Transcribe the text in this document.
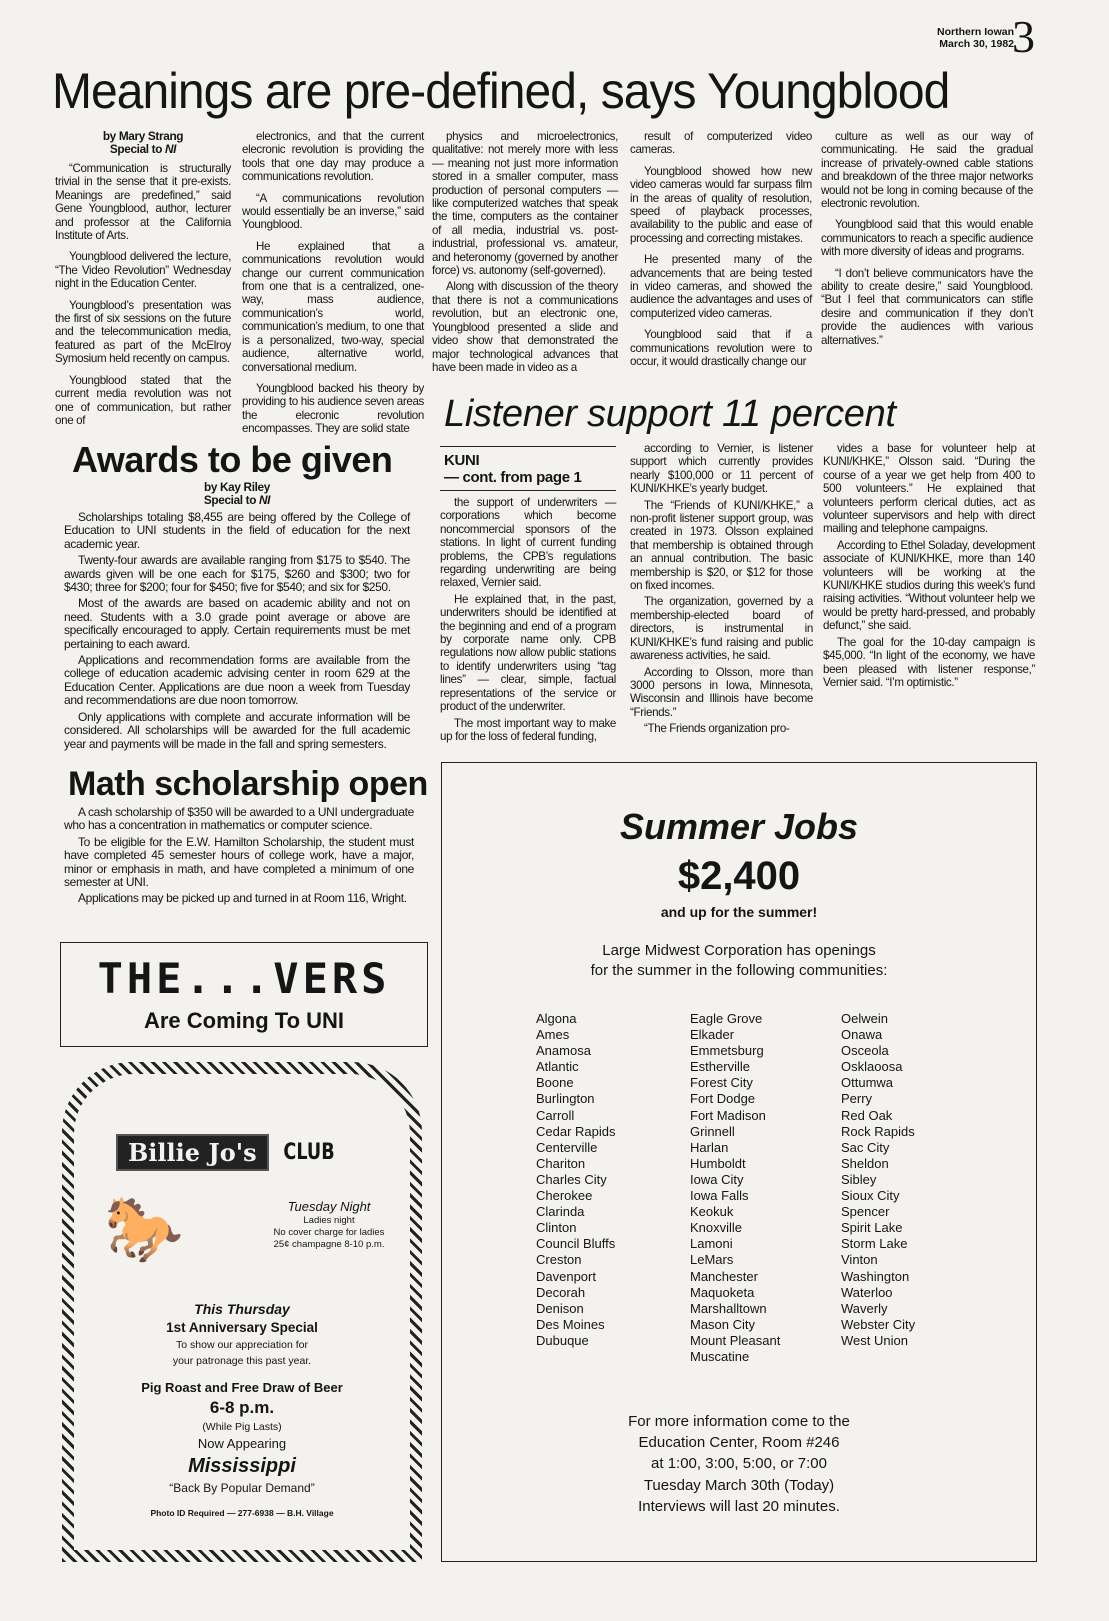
Northern Iowan
March 30, 1982
3
Meanings are pre-defined, says Youngblood
by Mary Strang
Special to NI

“Communication is structurally trivial in the sense that it pre-exists. Meanings are predefined,” said Gene Youngblood, author, lecturer and professor at the California Institute of Arts.

Youngblood delivered the lecture, “The Video Revolution” Wednesday night in the Education Center.

Youngblood’s presentation was the first of six sessions on the future and the telecommunication media, featured as part of the McElroy Symosium held recently on campus.

Youngblood stated that the current media revolution was not one of communication, but rather one of

electronics, and that the current elecronic revolution is providing the tools that one day may produce a communications revolution.

“A communications revolution would essentially be an inverse,” said Youngblood.

He explained that a communications revolution would change our current communication from one that is a centralized, one-way, mass audience, communication’s world, communication’s medium, to one that is a personalized, two-way, special audience, alternative world, conversational medium.

Youngblood backed his theory by providing to his audience seven areas the elecronic revolution encompasses. They are solid state

physics and microelectronics, qualitative: not merely more with less — meaning not just more information stored in a smaller computer, mass production of personal computers — like computerized watches that speak the time, computers as the container of all media, industrial vs. post-industrial, professional vs. amateur, and heteronomy (governed by another force) vs. autonomy (self-governed).

Along with discussion of the theory that there is not a communications revolution, but an electronic one, Youngblood presented a slide and video show that demonstrated the major technological advances that have been made in video as a

result of computerized video cameras.

Youngblood showed how new video cameras would far surpass film in the areas of quality of resolution, speed of playback processes, availability to the public and ease of processing and correcting mistakes.

He presented many of the advancements that are being tested in video cameras, and showed the audience the advantages and uses of computerized video cameras.

Youngblood said that if a communications revolution were to occur, it would drastically change our

culture as well as our way of communicating. He said the gradual increase of privately-owned cable stations and breakdown of the three major networks would not be long in coming because of the electronic revolution.

Youngblood said that this would enable communicators to reach a specific audience with more diversity of ideas and programs.

“I don’t believe communicators have the ability to create desire,” said Youngblood. “But I feel that communicators can stifle desire and communication if they don’t provide the audiences with various alternatives.”

Listener support 11 percent
KUNI
— cont. from page 1

the support of underwriters — corporations which become noncommercial sponsors of the stations. In light of current funding problems, the CPB’s regulations regarding underwriting are being relaxed, Vernier said.

He explained that, in the past, underwriters should be identified at the beginning and end of a program by corporate name only. CPB regulations now allow public stations to identify underwriters using “tag lines” — clear, simple, factual representations of the service or product of the underwriter.

The most important way to make up for the loss of federal funding,

according to Vernier, is listener support which currently provides nearly $100,000 or 11 percent of KUNI/KHKE’s yearly budget.

The “Friends of KUNI/KHKE,” a non-profit listener support group, was created in 1973. Olsson explained that membership is obtained through an annual contribution. The basic membership is $20, or $12 for those on fixed incomes.

The organization, governed by a membership-elected board of directors, is instrumental in KUNI/KHKE’s fund raising and public awareness activities, he said.

According to Olsson, more than 3000 persons in Iowa, Minnesota, Wisconsin and Illinois have become “Friends.”

“The Friends organization pro-

vides a base for volunteer help at KUNI/KHKE,” Olsson said. “During the course of a year we get help from 400 to 500 volunteers.” He explained that volunteers perform clerical duties, act as volunteer supervisors and help with direct mailing and telephone campaigns.

According to Ethel Soladay, development associate of KUNI/KHKE, more than 140 volunteers will be working at the KUNI/KHKE studios during this week’s fund raising activities. “Without volunteer help we would be pretty hard-pressed, and probably defunct,” she said.

The goal for the 10-day campaign is $45,000. “In light of the economy, we have been pleased with listener response,” Vernier said. “I’m optimistic.”

Awards to be given
by Kay Riley
Special to NI

Scholarships totaling $8,455 are being offered by the College of Education to UNI students in the field of education for the next academic year.

Twenty-four awards are available ranging from $175 to $540. The awards given will be one each for $175, $260 and $300; two for $430; three for $200; four for $450; five for $540; and six for $250.

Most of the awards are based on academic ability and not on need. Students with a 3.0 grade point average or above are specifically encouraged to apply. Certain requirements must be met pertaining to each award.

Applications and recommendation forms are available from the college of education academic advising center in room 629 at the Education Center. Applications are due noon a week from Tuesday and recommendations are due noon tomorrow.

Only applications with complete and accurate information will be considered. All scholarships will be awarded for the full academic year and payments will be made in the fall and spring semesters.

Math scholarship open

A cash scholarship of $350 will be awarded to a UNI undergraduate who has a concentration in mathematics or computer science.

To be eligible for the E.W. Hamilton Scholarship, the student must have completed 45 semester hours of college work, have a major, minor or emphasis in math, and have completed a minimum of one semester at UNI.

Applications may be picked up and turned in at Room 116, Wright.

THE...VERS
Are Coming To UNI
Billie Jo's	CLUB
🐎	Tuesday Night
Ladies night
No cover charge for ladies
25¢ champagne 8-10 p.m.
This Thursday
1st Anniversary Special
To show our appreciation for
your patronage this past year.
Pig Roast and Free Draw of Beer
6-8 p.m.
(While Pig Lasts)
Now Appearing
Mississippi
“Back By Popular Demand”
Photo ID Required — 277-6938 — B.H. Village
Summer Jobs
$2,400
and up for the summer!
Large Midwest Corporation has openings
for the summer in the following communities:
Algona
Ames
Anamosa
Atlantic
Boone
Burlington
Carroll
Cedar Rapids
Centerville
Chariton
Charles City
Cherokee
Clarinda
Clinton
Council Bluffs
Creston
Davenport
Decorah
Denison
Des Moines
Dubuque
Eagle Grove
Elkader
Emmetsburg
Estherville
Forest City
Fort Dodge
Fort Madison
Grinnell
Harlan
Humboldt
Iowa City
Iowa Falls
Keokuk
Knoxville
Lamoni
LeMars
Manchester
Maquoketa
Marshalltown
Mason City
Mount Pleasant
Muscatine
Oelwein
Onawa
Osceola
Osklaoosa
Ottumwa
Perry
Red Oak
Rock Rapids
Sac City
Sheldon
Sibley
Sioux City
Spencer
Spirit Lake
Storm Lake
Vinton
Washington
Waterloo
Waverly
Webster City
West Union
For more information come to the
Education Center, Room #246
at 1:00, 3:00, 5:00, or 7:00
Tuesday March 30th (Today)
Interviews will last 20 minutes.
